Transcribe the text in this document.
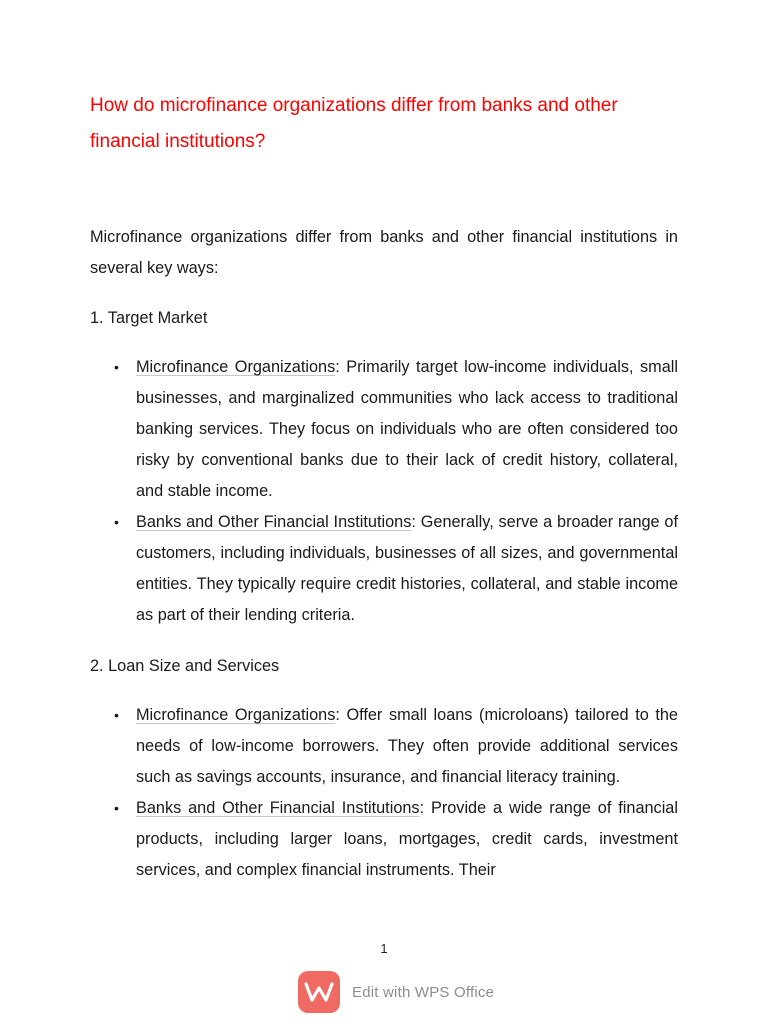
How do microfinance organizations differ from banks and other financial institutions?

Microfinance organizations differ from banks and other financial institutions in several key ways:

1. Target Market
• Microfinance Organizations: Primarily target low-income individuals, small businesses, and marginalized communities who lack access to traditional banking services. They focus on individuals who are often considered too risky by conventional banks due to their lack of credit history, collateral, and stable income.
• Banks and Other Financial Institutions: Generally, serve a broader range of customers, including individuals, businesses of all sizes, and governmental entities. They typically require credit histories, collateral, and stable income as part of their lending criteria.
2. Loan Size and Services
• Microfinance Organizations: Offer small loans (microloans) tailored to the needs of low-income borrowers. They often provide additional services such as savings accounts, insurance, and financial literacy training.
• Banks and Other Financial Institutions: Provide a wide range of financial products, including larger loans, mortgages, credit cards, investment services, and complex financial instruments. Their
1
Edit with WPS Office
